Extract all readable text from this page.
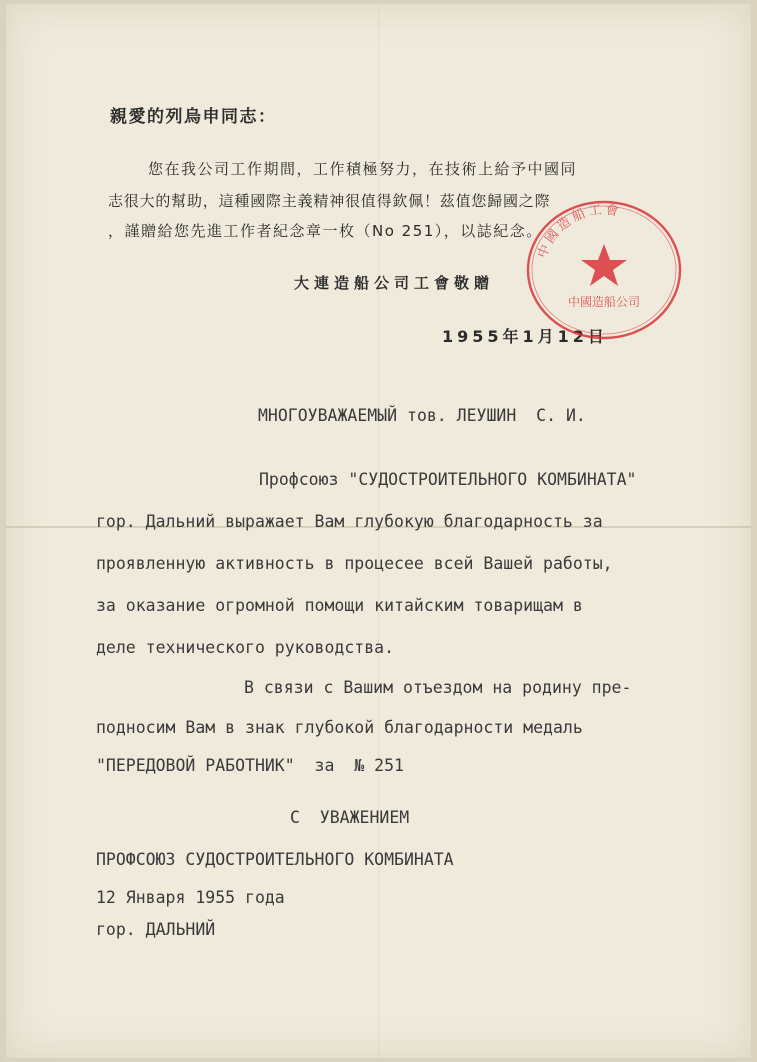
親愛的列烏申同志：
您在我公司工作期間，工作積極努力，在技術上給予中國同
志很大的幫助，這種國際主義精神很值得欽佩！茲值您歸國之際
，謹贈給您先進工作者紀念章一枚（No 251），以誌紀念。
大連造船公司工會敬贈
1955年1月12日
中國造船工會
中國造船公司
МНОГОУВАЖАЕМЫЙ тов. ЛЕУШИН  С. И.
Профсоюз "СУДОСТРОИТЕЛЬНОГО КОМБИНАТА"
гор. Дальний выражает Вам глубокую благодарность за
проявленную активность в процесее всей Вашей работы,
за оказание огромной помощи китайским товарищам в
деле технического руководства.
В связи с Вашим отъездом на родину пре-
подносим Вам в знак глубокой благодарности медаль
"ПЕРЕДОВОЙ РАБОТНИК"  за  № 251
С  УВАЖЕНИЕМ
ПРОФСОЮЗ СУДОСТРОИТЕЛЬНОГО КОМБИНАТА
12 Января 1955 года
гор. ДАЛЬНИЙ
